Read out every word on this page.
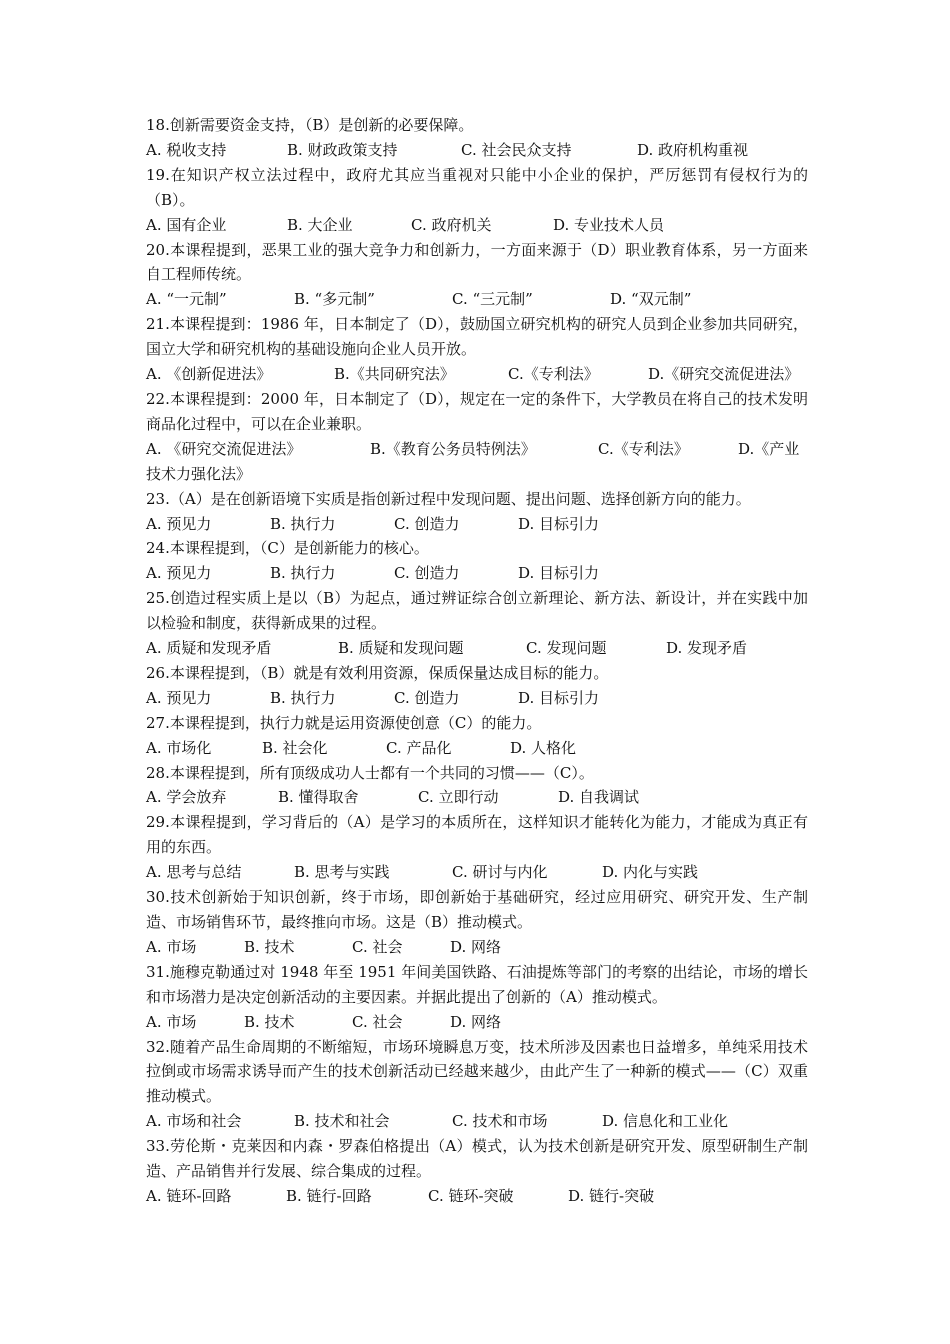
18.创新需要资金支持，（B）是创新的必要保障。
A. 税收支持	B. 财政政策支持	C. 社会民众支持	D. 政府机构重视
19.在知识产权立法过程中，政府尤其应当重视对只能中小企业的保护，严厉惩罚有侵权行为的（B）。
A. 国有企业	B. 大企业	C. 政府机关	D. 专业技术人员
20.本课程提到，恶果工业的强大竞争力和创新力，一方面来源于（D）职业教育体系，另一方面来自工程师传统。
A. “一元制”	B. “多元制”	C. “三元制”	D. “双元制”
21.本课程提到：1986 年，日本制定了（D），鼓励国立研究机构的研究人员到企业参加共同研究，国立大学和研究机构的基础设施向企业人员开放。
A. 《创新促进法》	B.《共同研究法》	C.《专利法》	D.《研究交流促进法》
22.本课程提到：2000 年，日本制定了（D），规定在一定的条件下，大学教员在将自己的技术发明商品化过程中，可以在企业兼职。
A. 《研究交流促进法》	B.《教育公务员特例法》	C.《专利法》	D.《产业技术力强化法》
23.（A）是在创新语境下实质是指创新过程中发现问题、提出问题、选择创新方向的能力。
A. 预见力	B. 执行力	C. 创造力	D. 目标引力
24.本课程提到，（C）是创新能力的核心。
A. 预见力	B. 执行力	C. 创造力	D. 目标引力
25.创造过程实质上是以（B）为起点，通过辨证综合创立新理论、新方法、新设计，并在实践中加以检验和制度，获得新成果的过程。
A. 质疑和发现矛盾	B. 质疑和发现问题	C. 发现问题	D. 发现矛盾
26.本课程提到，（B）就是有效利用资源，保质保量达成目标的能力。
A. 预见力	B. 执行力	C. 创造力	D. 目标引力
27.本课程提到，执行力就是运用资源使创意（C）的能力。
A. 市场化	B. 社会化	C. 产品化	D. 人格化
28.本课程提到，所有顶级成功人士都有一个共同的习惯——（C）。
A. 学会放弃	B. 懂得取舍	C. 立即行动	D. 自我调试
29.本课程提到，学习背后的（A）是学习的本质所在，这样知识才能转化为能力，才能成为真正有用的东西。
A. 思考与总结	B. 思考与实践	C. 研讨与内化	D. 内化与实践
30.技术创新始于知识创新，终于市场，即创新始于基础研究，经过应用研究、研究开发、生产制造、市场销售环节，最终推向市场。这是（B）推动模式。
A. 市场	B. 技术	C. 社会	D. 网络
31.施穆克勒通过对 1948 年至 1951 年间美国铁路、石油提炼等部门的考察的出结论，市场的增长和市场潜力是决定创新活动的主要因素。并据此提出了创新的（A）推动模式。
A. 市场	B. 技术	C. 社会	D. 网络
32.随着产品生命周期的不断缩短，市场环境瞬息万变，技术所涉及因素也日益增多，单纯采用技术拉倒或市场需求诱导而产生的技术创新活动已经越来越少，由此产生了一种新的模式——（C）双重推动模式。
A. 市场和社会	B. 技术和社会	C. 技术和市场	D. 信息化和工业化
33.劳伦斯・克莱因和内森・罗森伯格提出（A）模式，认为技术创新是研究开发、原型研制生产制造、产品销售并行发展、综合集成的过程。
A. 链环-回路	B. 链行-回路	C. 链环-突破	D. 链行-突破
